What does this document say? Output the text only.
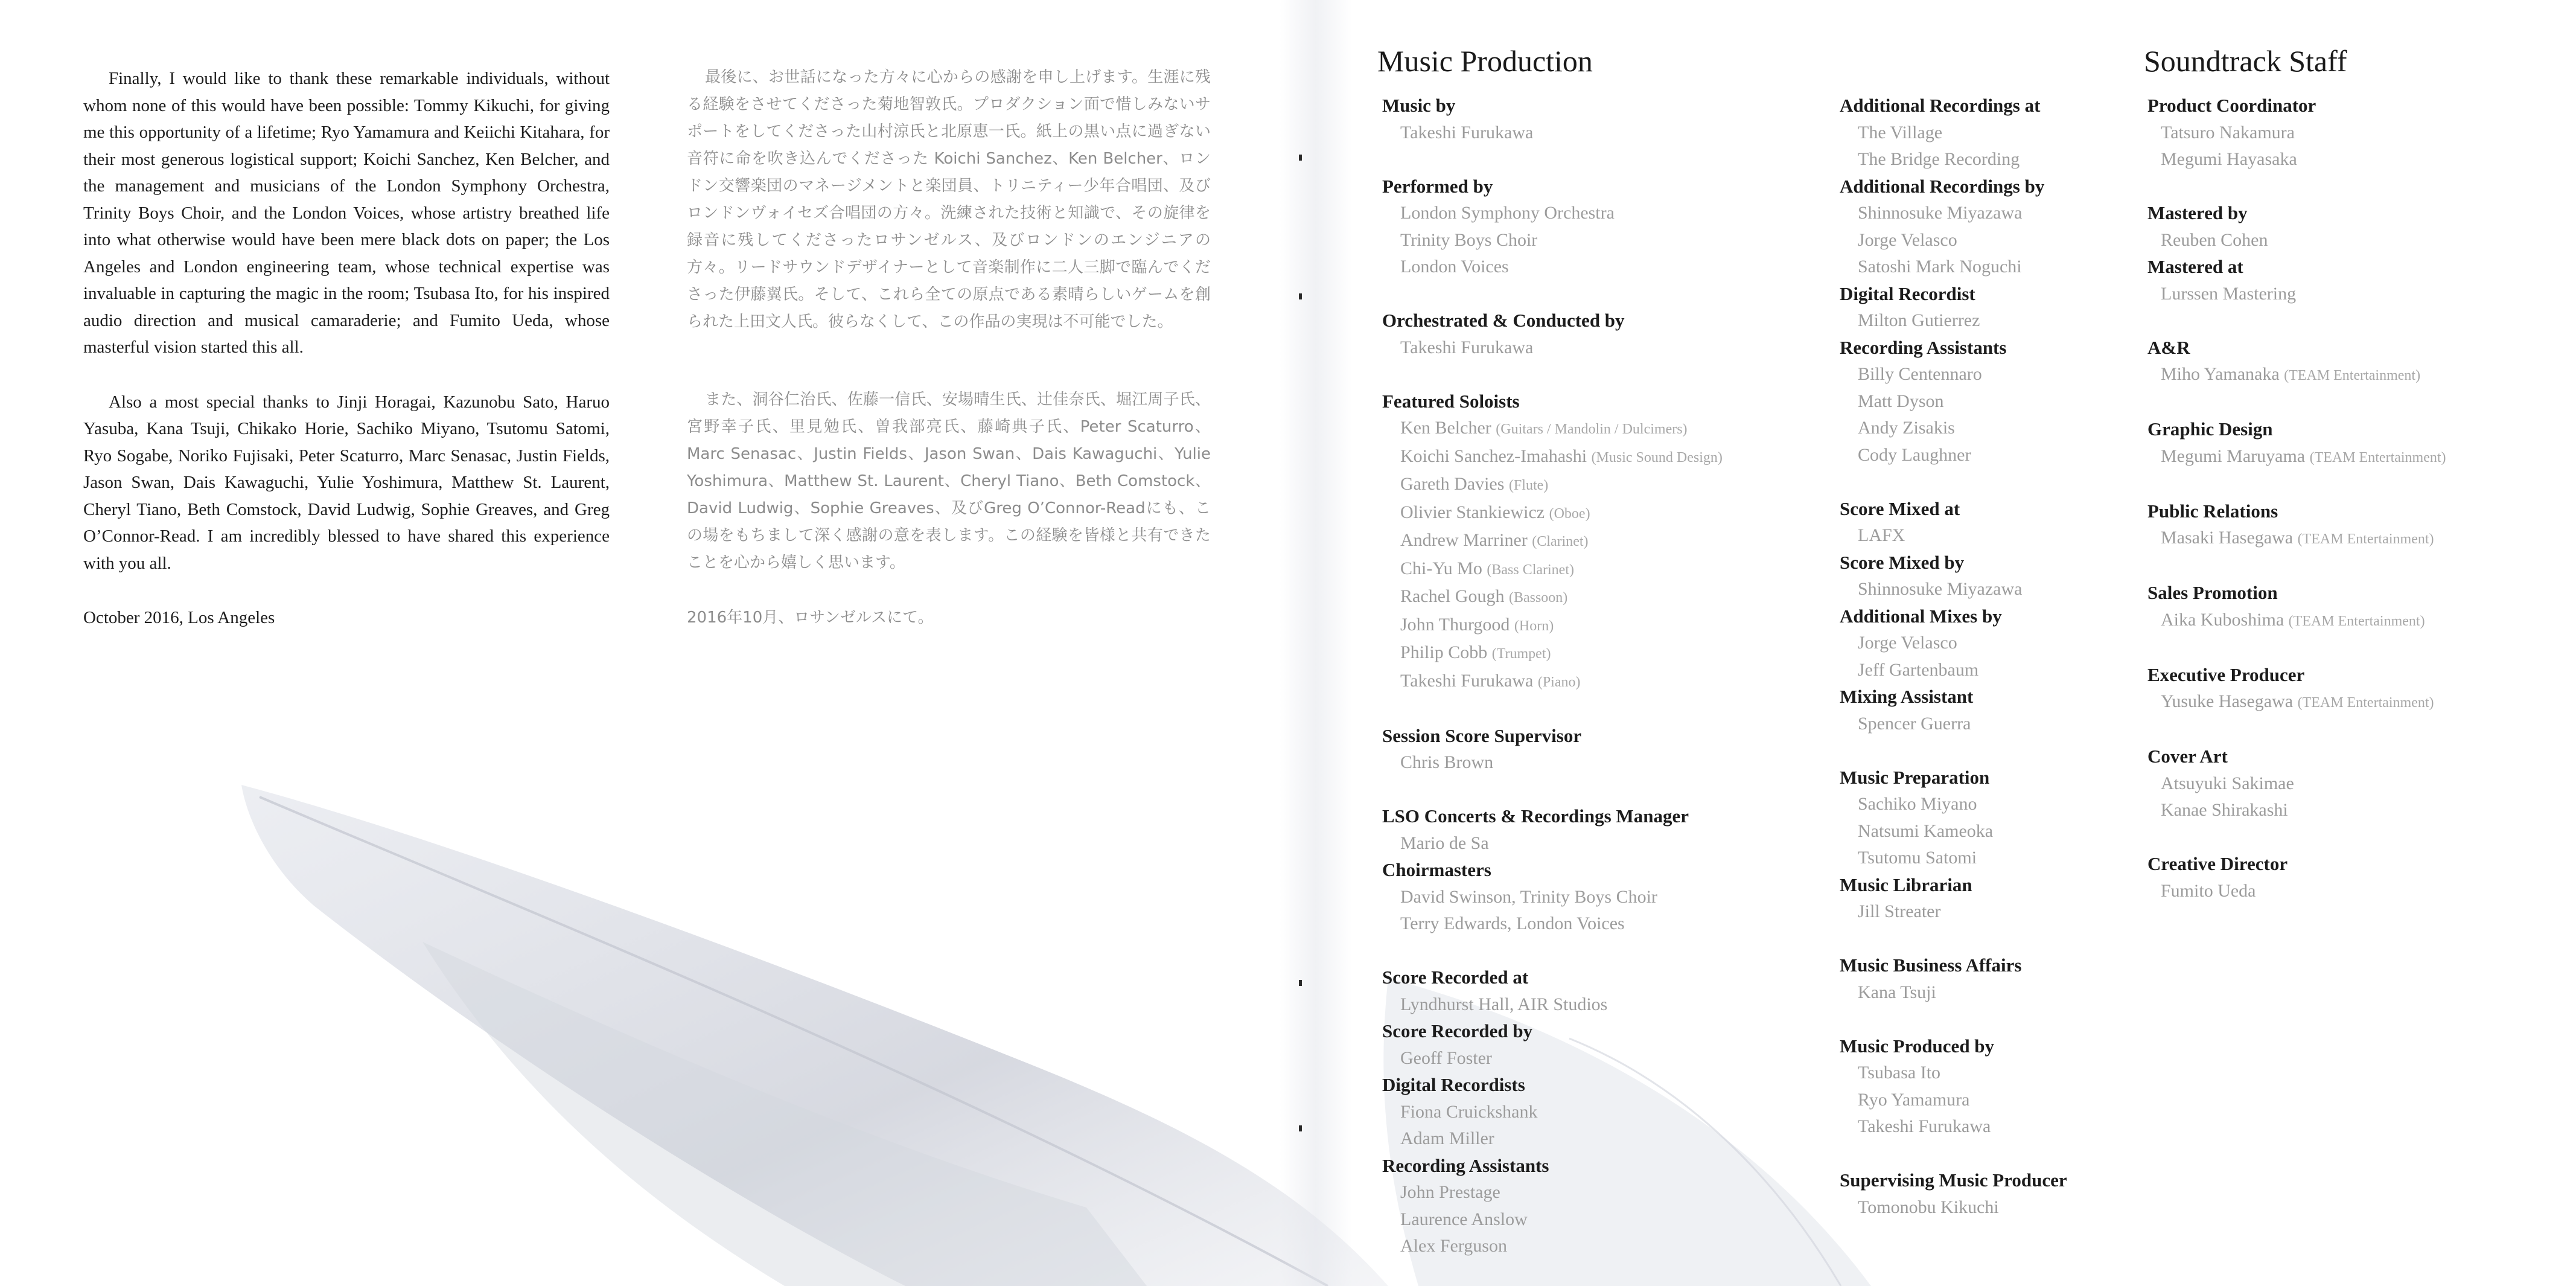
Finally, I would like to thank these remarkable individuals, without whom none of this would have been possible: Tommy Kikuchi, for giving me this opportunity of a lifetime; Ryo Yamamura and Keiichi Kitahara, for their most generous logistical support; Koichi Sanchez, Ken Belcher, and the management and musicians of the London Symphony Orchestra, Trinity Boys Choir, and the London Voices, whose artistry breathed life into what otherwise would have been mere black dots on paper; the Los Angeles and London engineering team, whose technical expertise was invaluable in capturing the magic in the room; Tsubasa Ito, for his inspired audio direction and musical camaraderie; and Fumito Ueda, whose masterful vision started this all.

Also a most special thanks to Jinji Horagai, Kazunobu Sato, Haruo Yasuba, Kana Tsuji, Chikako Horie, Sachiko Miyano, Tsutomu Satomi, Ryo Sogabe, Noriko Fujisaki, Peter Scaturro, Marc Senasac, Justin Fields, Jason Swan, Dais Kawaguchi, Yulie Yoshimura, Matthew St. Laurent, Cheryl Tiano, Beth Comstock, David Ludwig, Sophie Greaves, and Greg O’Connor-Read. I am incredibly blessed to have shared this experience with you all.

October 2016, Los Angeles

最後に、お世話になった方々に心からの感謝を申し上げます。生涯に残る経験をさせてくださった菊地智敦氏。プロダクション面で惜しみないサポートをしてくださった山村涼氏と北原恵一氏。紙上の黒い点に過ぎない音符に命を吹き込んでくださった Koichi Sanchez、Ken Belcher、ロンドン交響楽団のマネージメントと楽団員、トリニティー少年合唱団、及びロンドンヴォイセズ合唱団の方々。洗練された技術と知識で、その旋律を録音に残してくださったロサンゼルス、及びロンドンのエンジニアの方々。リードサウンドデザイナーとして音楽制作に二人三脚で臨んでくださった伊藤翼氏。そして、これら全ての原点である素晴らしいゲームを創られた上田文人氏。彼らなくして、この作品の実現は不可能でした。

また、洞谷仁治氏、佐藤一信氏、安場晴生氏、辻佳奈氏、堀江周子氏、宮野幸子氏、里見勉氏、曽我部亮氏、藤崎典子氏、Peter Scaturro、Marc Senasac、Justin Fields、Jason Swan、Dais Kawaguchi、Yulie Yoshimura、Matthew St. Laurent、Cheryl Tiano、Beth Comstock、David Ludwig、Sophie Greaves、及びGreg O’Connor-Readにも、この場をもちまして深く感謝の意を表します。この経験を皆様と共有できたことを心から嬉しく思います。

2016年10月、ロサンゼルスにて。

Music Production
Music by
Takeshi Furukawa
Performed by
London Symphony Orchestra
Trinity Boys Choir
London Voices
Orchestrated & Conducted by
Takeshi Furukawa
Featured Soloists
Ken Belcher (Guitars / Mandolin / Dulcimers)
Koichi Sanchez-Imahashi (Music Sound Design)
Gareth Davies (Flute)
Olivier Stankiewicz (Oboe)
Andrew Marriner (Clarinet)
Chi-Yu Mo (Bass Clarinet)
Rachel Gough (Bassoon)
John Thurgood (Horn)
Philip Cobb (Trumpet)
Takeshi Furukawa (Piano)
Session Score Supervisor
Chris Brown
LSO Concerts & Recordings Manager
Mario de Sa
Choirmasters
David Swinson, Trinity Boys Choir
Terry Edwards, London Voices
Score Recorded at
Lyndhurst Hall, AIR Studios
Score Recorded by
Geoff Foster
Digital Recordists
Fiona Cruickshank
Adam Miller
Recording Assistants
John Prestage
Laurence Anslow
Alex Ferguson
Additional Recordings at
The Village
The Bridge Recording
Additional Recordings by
Shinnosuke Miyazawa
Jorge Velasco
Satoshi Mark Noguchi
Digital Recordist
Milton Gutierrez
Recording Assistants
Billy Centennaro
Matt Dyson
Andy Zisakis
Cody Laughner
Score Mixed at
LAFX
Score Mixed by
Shinnosuke Miyazawa
Additional Mixes by
Jorge Velasco
Jeff Gartenbaum
Mixing Assistant
Spencer Guerra
Music Preparation
Sachiko Miyano
Natsumi Kameoka
Tsutomu Satomi
Music Librarian
Jill Streater
Music Business Affairs
Kana Tsuji
Music Produced by
Tsubasa Ito
Ryo Yamamura
Takeshi Furukawa
Supervising Music Producer
Tomonobu Kikuchi
Soundtrack Staff
Product Coordinator
Tatsuro Nakamura
Megumi Hayasaka
Mastered by
Reuben Cohen
Mastered at
Lurssen Mastering
A&R
Miho Yamanaka (TEAM Entertainment)
Graphic Design
Megumi Maruyama (TEAM Entertainment)
Public Relations
Masaki Hasegawa (TEAM Entertainment)
Sales Promotion
Aika Kuboshima (TEAM Entertainment)
Executive Producer
Yusuke Hasegawa (TEAM Entertainment)
Cover Art
Atsuyuki Sakimae
Kanae Shirakashi
Creative Director
Fumito Ueda
